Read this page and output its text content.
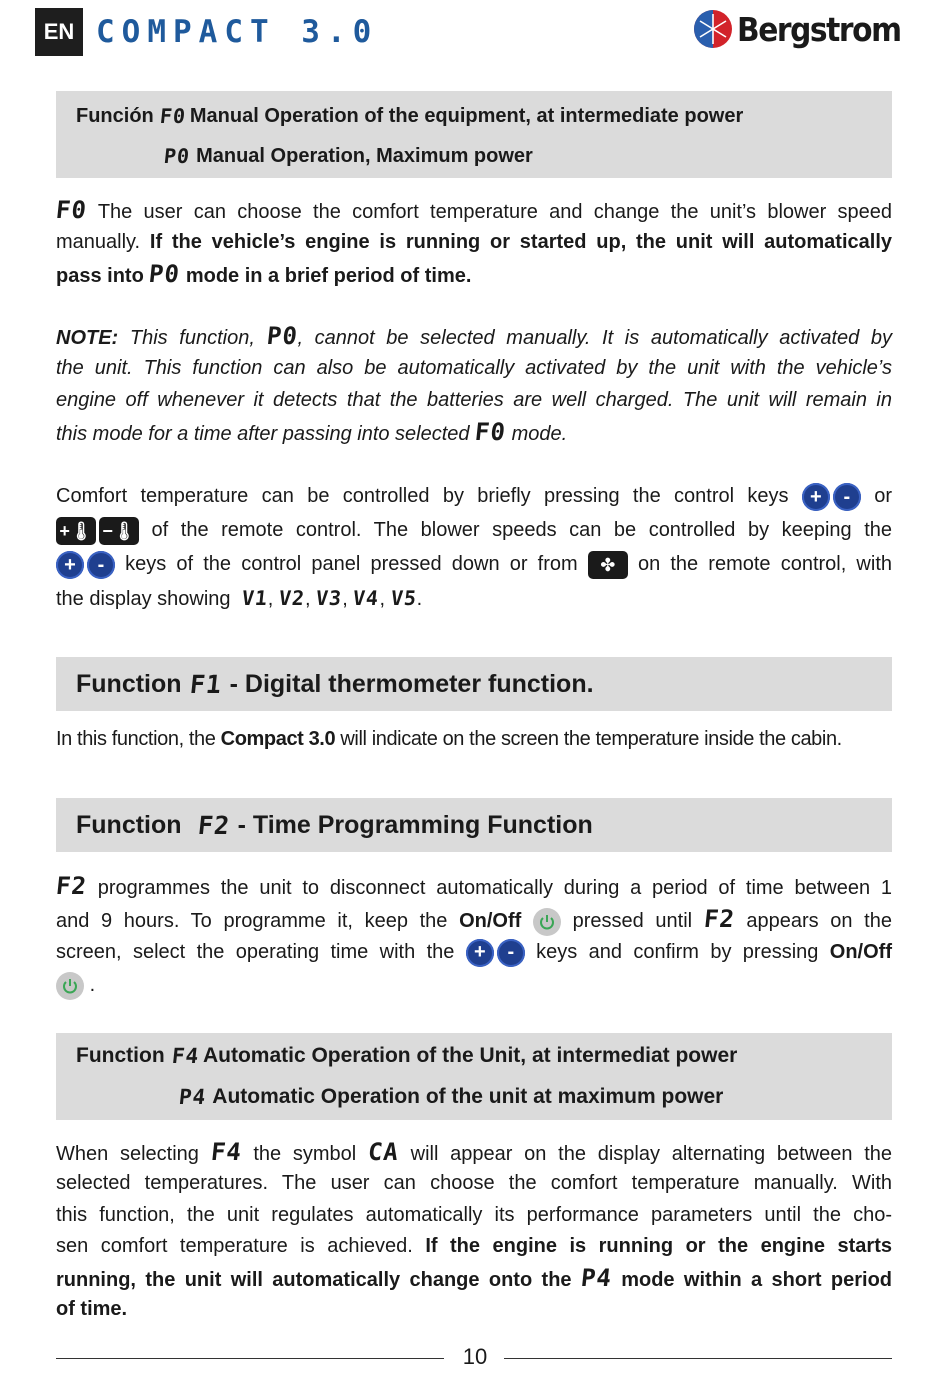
EN COMPACT 3.0	Bergstrom
Función F0 Manual Operation of the equipment, at intermediate power
P0 Manual Operation, Maximum power
F0 The user can choose the comfort temperature and change the unit’s blower speed
manually. If the vehicle’s engine is running or started up, the unit will automatically
pass into P0 mode in a brief period of time.
NOTE: This function, P0, cannot be selected manually. It is automatically activated by
the unit. This function can also be automatically activated by the unit with the vehicle’s
engine off whenever it detects that the batteries are well charged. The unit will remain in
this mode for a time after passing into selected F0 mode.
Comfort temperature can be controlled by briefly pressing the control keys	+	-	or
+🌡︎ −🌡︎ of the remote control. The blower speeds can be controlled by keeping the
+	-	keys of the control panel pressed down or from ✤ on the remote control, with
the display showing V1, V2, V3, V4, V5.
Function F1 - Digital thermometer function.
In this function, the Compact 3.0 will indicate on the screen the temperature inside the cabin.
Function F2 - Time Programming Function
F2 programmes the unit to disconnect automatically during a period of time between 1
and 9 hours. To programme it, keep the On/Off	pressed until F2 appears on the
screen, select the operating time with the +	-	keys and confirm by pressing On/Off
.
Function F4 Automatic Operation of the Unit, at intermediat power
P4 Automatic Operation of the unit at maximum power
When selecting F4 the symbol CA will appear on the display alternating between the
selected temperatures. The user can choose the comfort temperature manually. With
this function, the unit regulates automatically its performance parameters until the cho-
sen comfort temperature is achieved. If the engine is running or the engine starts
running, the unit will automatically change onto the P4 mode within a short period
of time.
10
